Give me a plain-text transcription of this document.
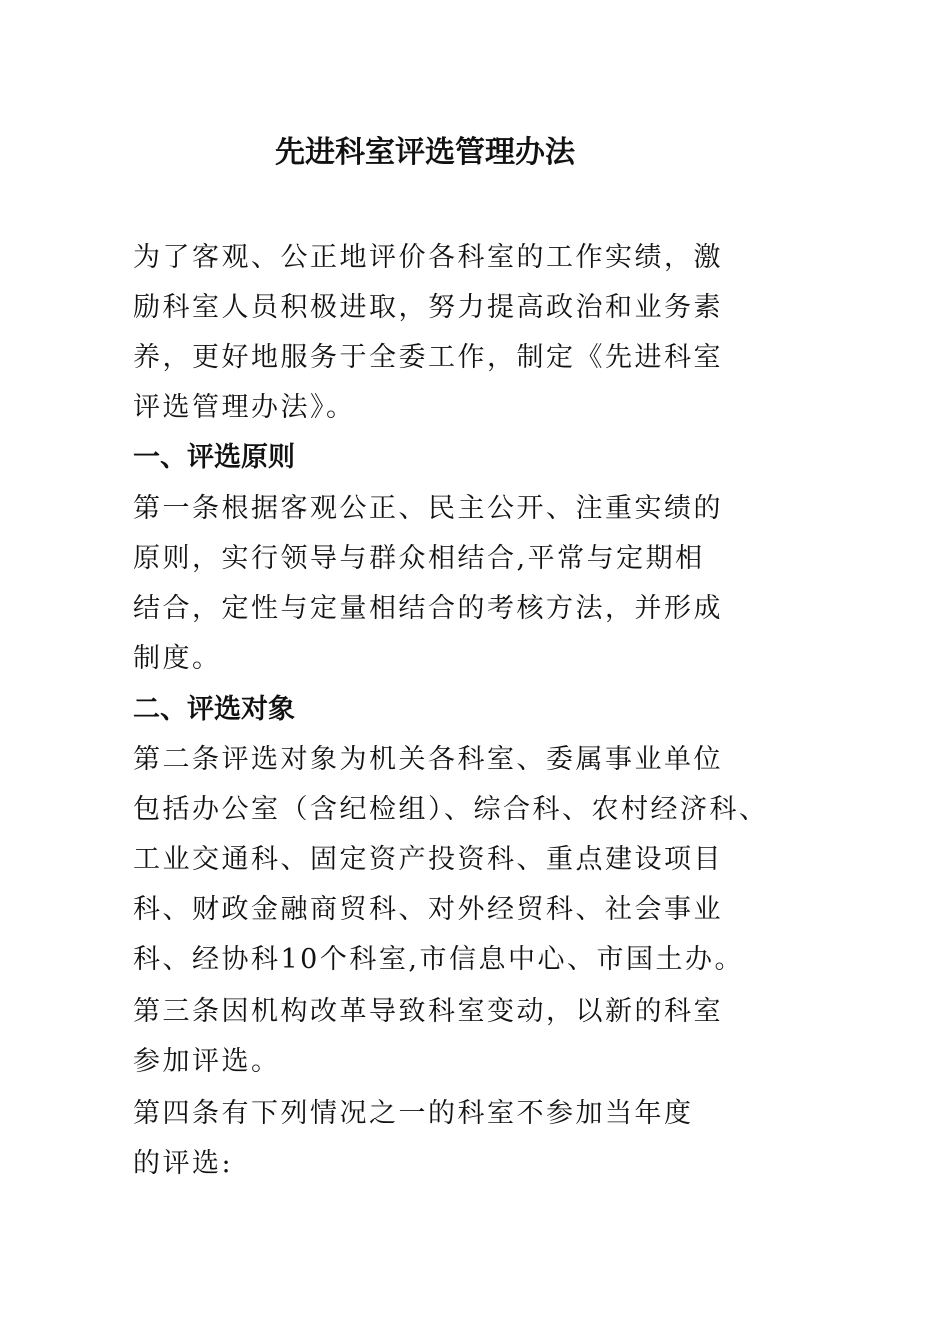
先进科室评选管理办法
为了客观、公正地评价各科室的工作实绩，激
励科室人员积极进取，努力提高政治和业务素
养，更好地服务于全委工作，制定《先进科室
评选管理办法》。
一、评选原则
第一条根据客观公正、民主公开、注重实绩的
原则，实行领导与群众相结合,平常与定期相
结合，定性与定量相结合的考核方法，并形成
制度。
二、评选对象
第二条评选对象为机关各科室、委属事业单位
包括办公室（含纪检组）、综合科、农村经济科、
工业交通科、固定资产投资科、重点建设项目
科、财政金融商贸科、对外经贸科、社会事业
科、经协科10个科室,市信息中心、市国土办。
第三条因机构改革导致科室变动，以新的科室
参加评选。
第四条有下列情况之一的科室不参加当年度
的评选:
